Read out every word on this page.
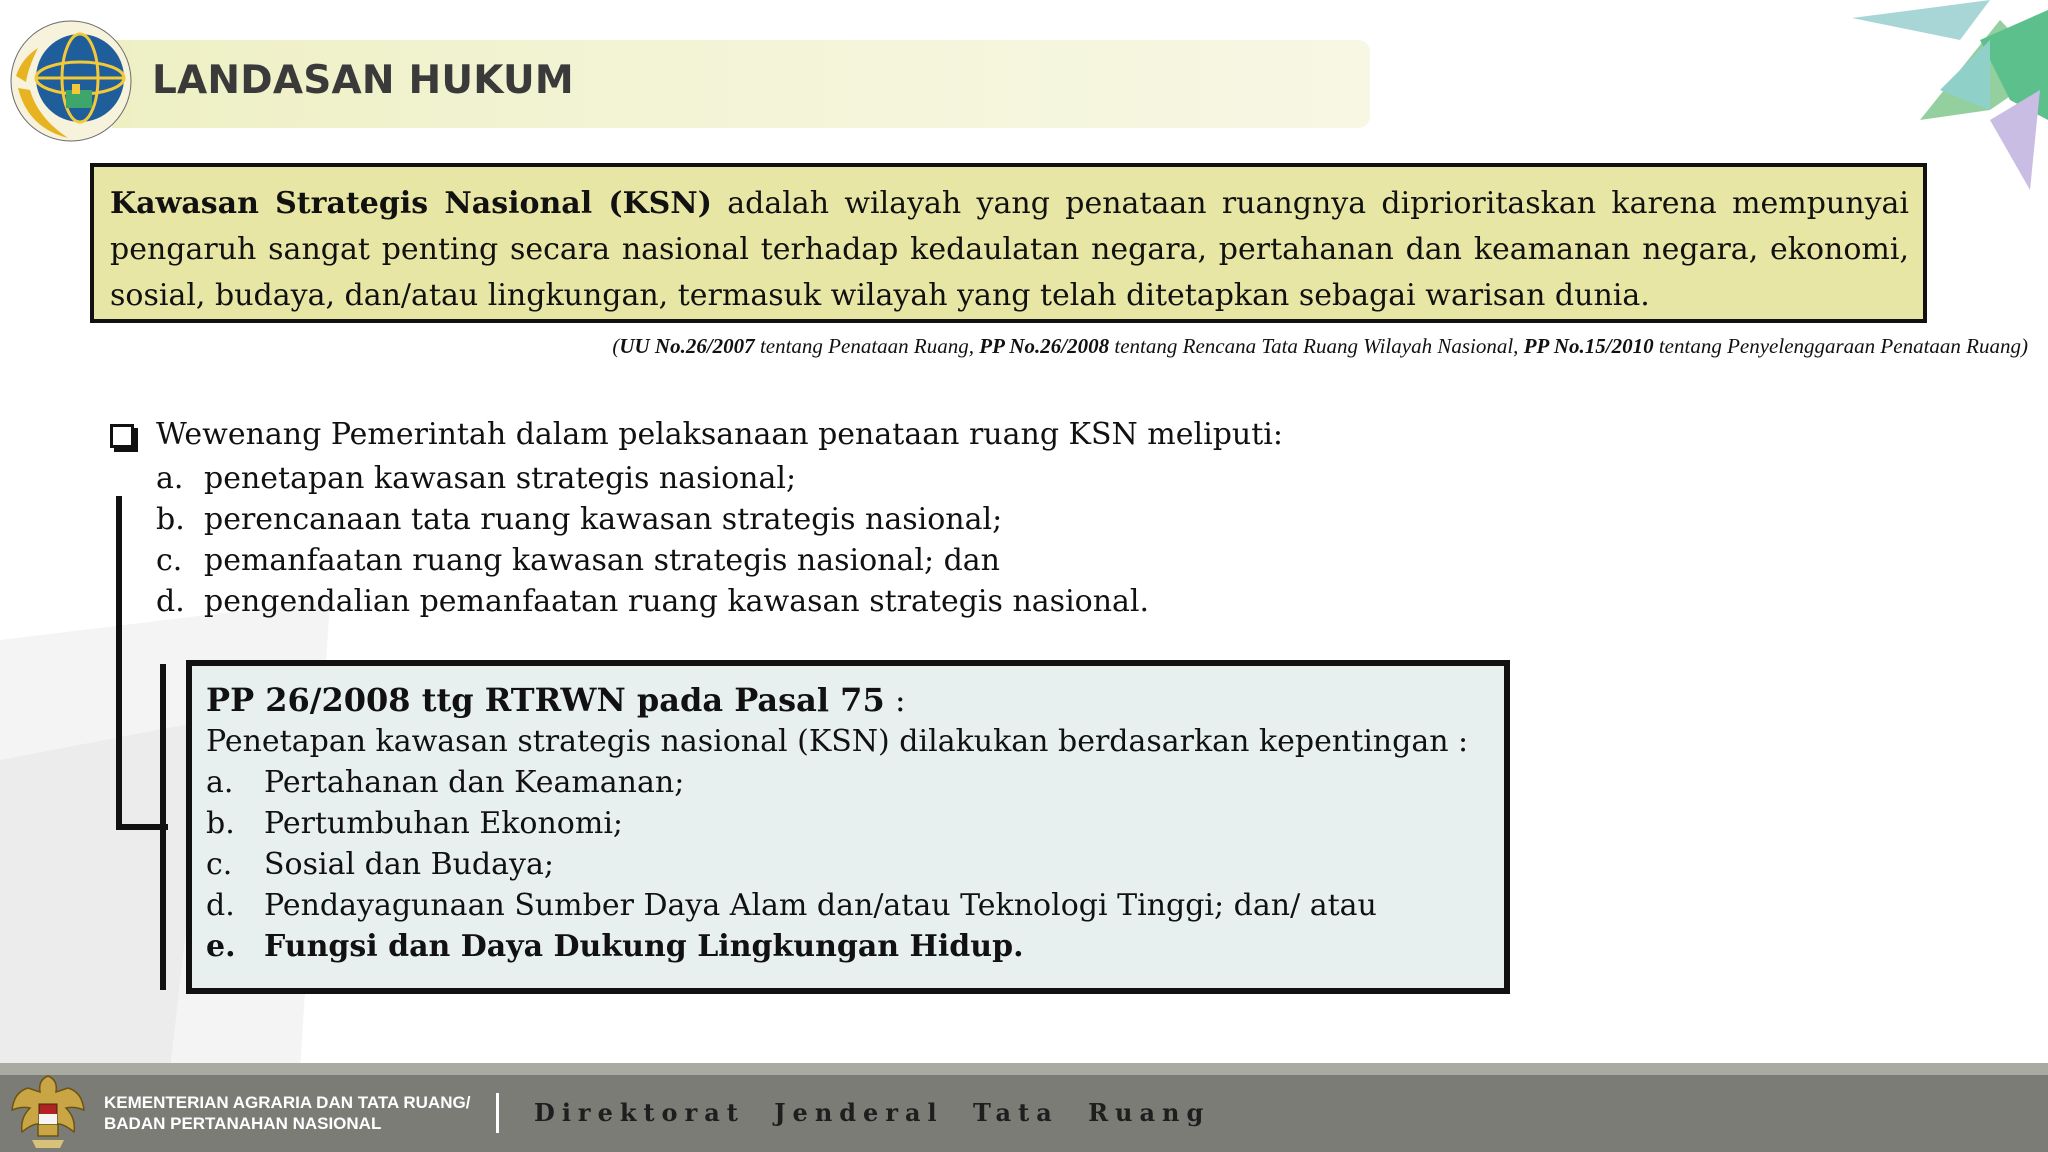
LANDASAN HUKUM
Kawasan Strategis Nasional (KSN) adalah wilayah yang penataan ruangnya diprioritaskan karena mempunyai pengaruh sangat penting secara nasional terhadap kedaulatan negara, pertahanan dan keamanan negara, ekonomi, sosial, budaya, dan/atau lingkungan, termasuk wilayah yang telah ditetapkan sebagai warisan dunia.
(UU No.26/2007 tentang Penataan Ruang, PP No.26/2008 tentang Rencana Tata Ruang Wilayah Nasional, PP No.15/2010 tentang Penyelenggaraan Penataan Ruang)
Wewenang Pemerintah dalam pelaksanaan penataan ruang KSN meliputi:
a. penetapan kawasan strategis nasional;
b. perencanaan tata ruang kawasan strategis nasional;
c. pemanfaatan ruang kawasan strategis nasional; dan
d. pengendalian pemanfaatan ruang kawasan strategis nasional.
PP 26/2008 ttg RTRWN pada Pasal 75 :
Penetapan kawasan strategis nasional (KSN) dilakukan berdasarkan kepentingan :
a.	Pertahanan dan Keamanan;
b. Pertumbuhan Ekonomi;
c.	Sosial dan Budaya;
d. Pendayagunaan Sumber Daya Alam dan/atau Teknologi Tinggi; dan/ atau
e. Fungsi dan Daya Dukung Lingkungan Hidup.
KEMENTERIAN AGRARIA DAN TATA RUANG/
BADAN PERTANAHAN NASIONAL	Direktorat Jenderal Tata Ruang
